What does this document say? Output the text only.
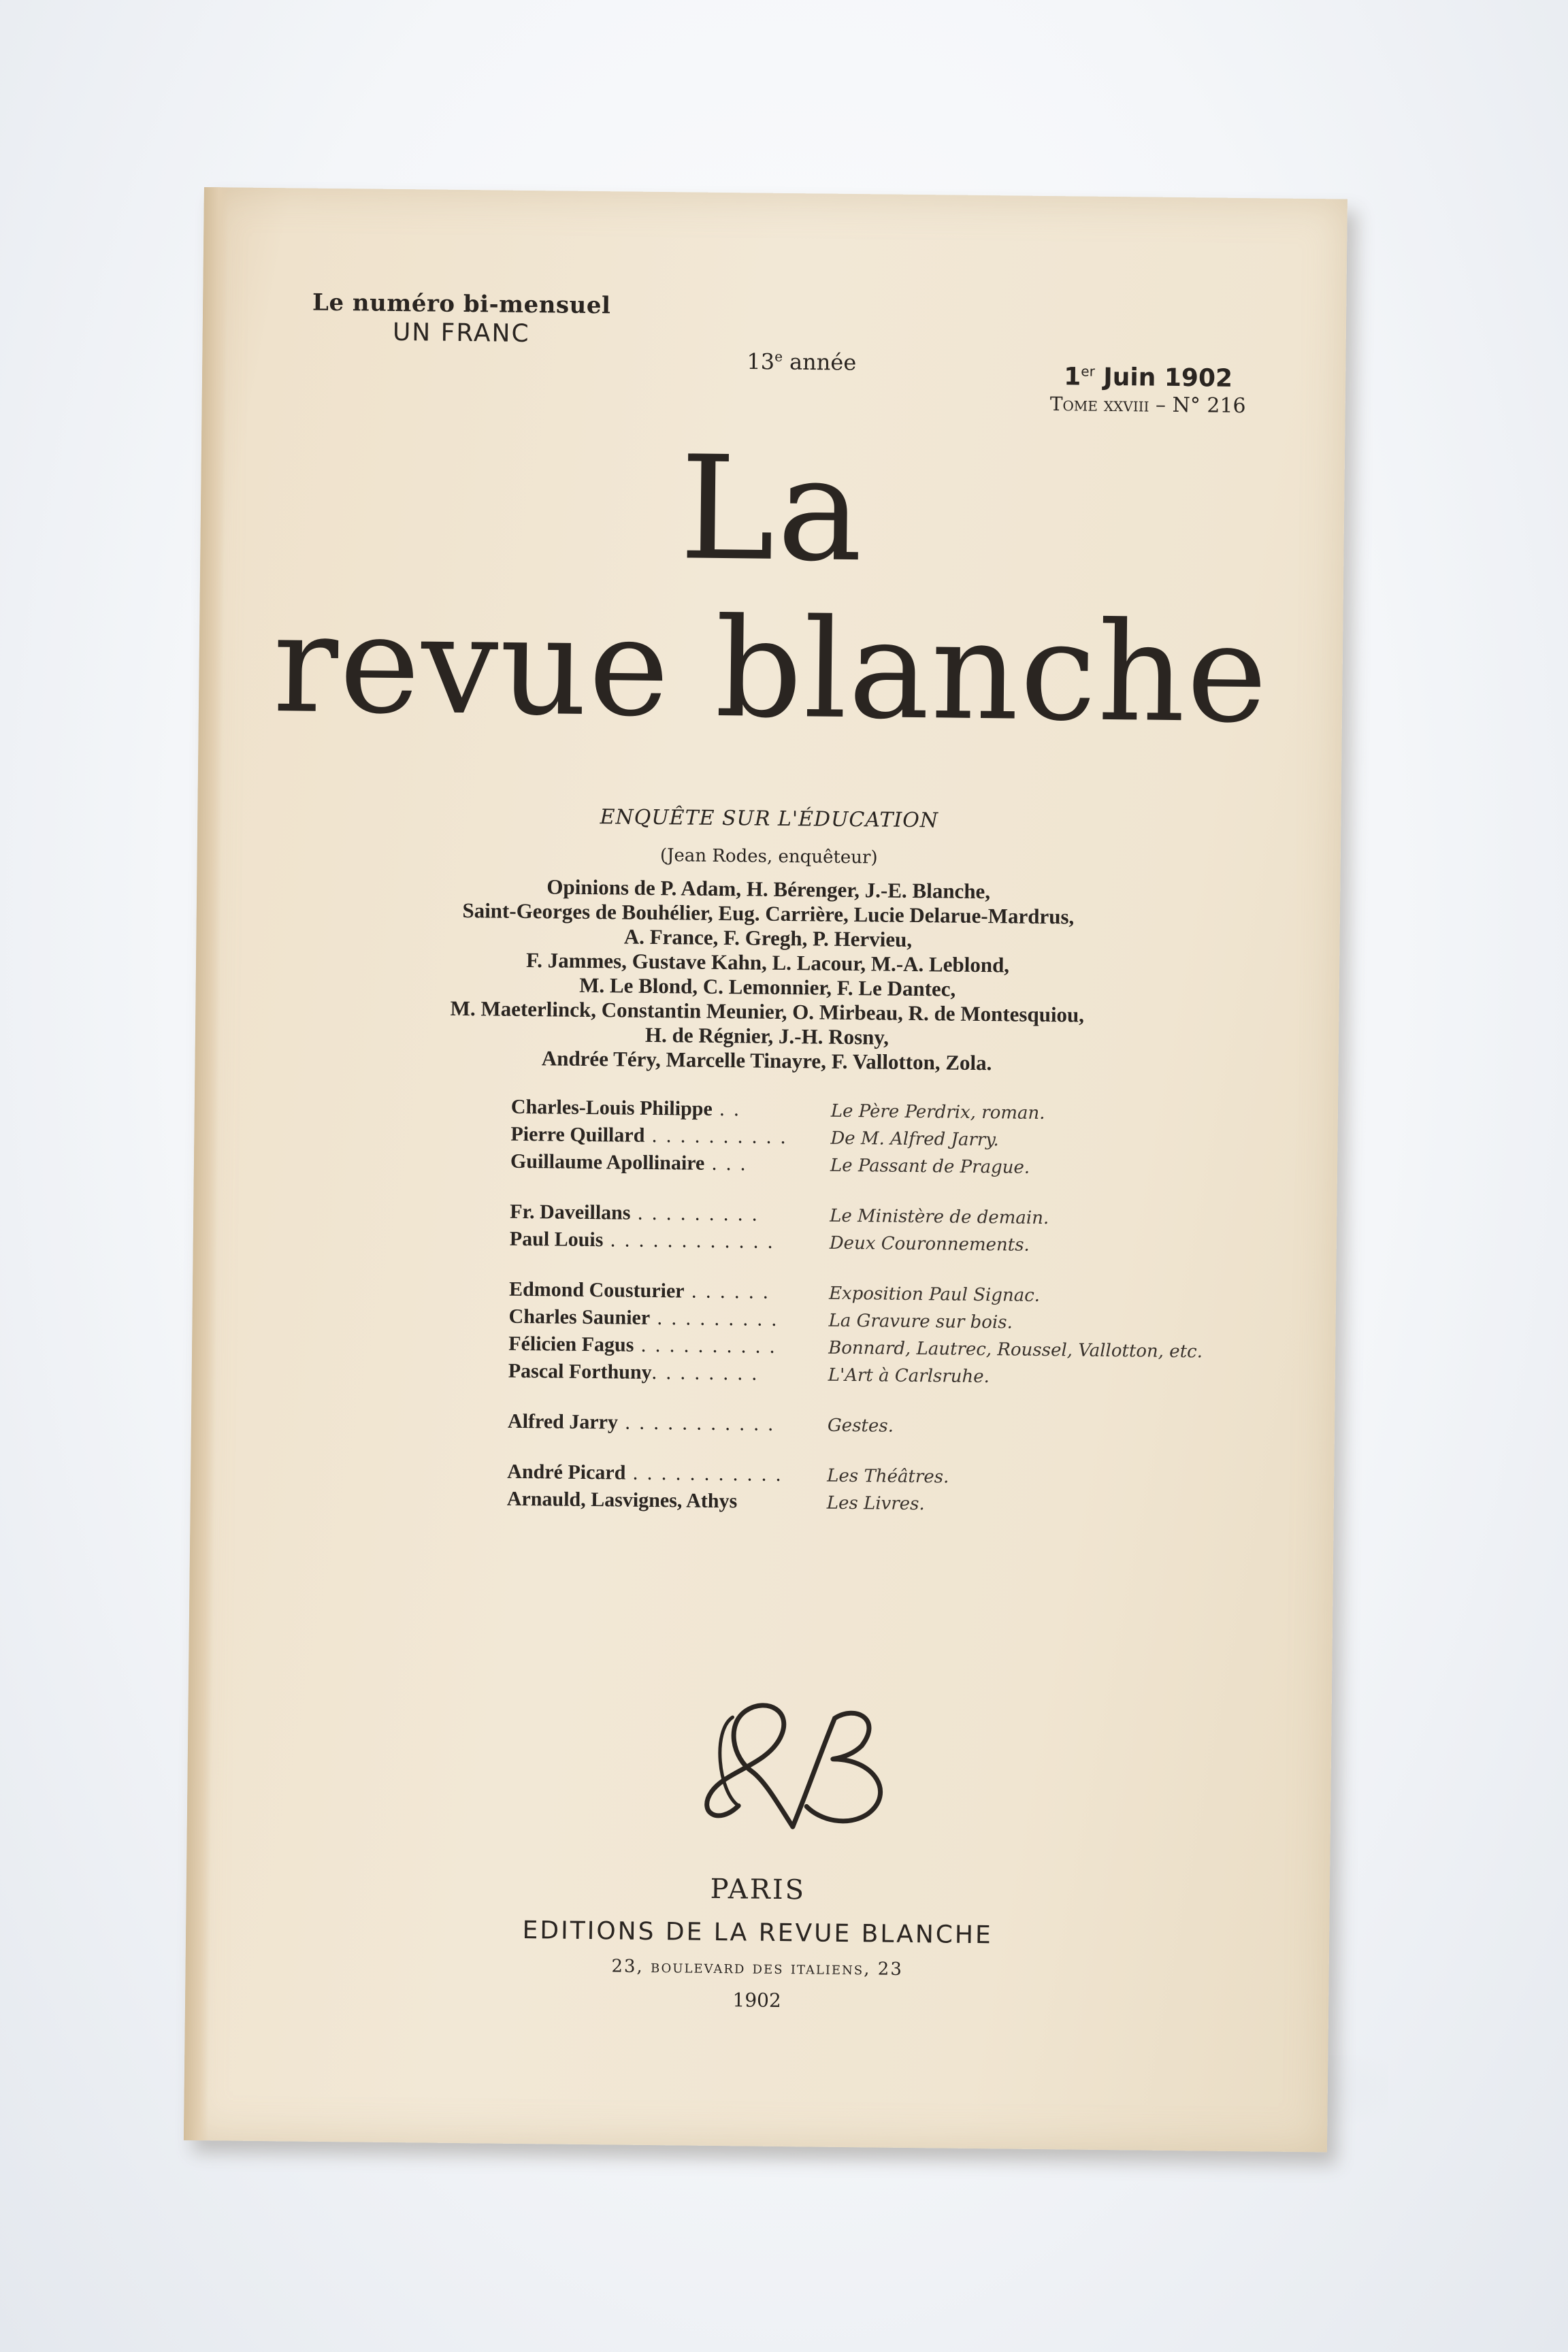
Le numéro bi-mensuel
UN FRANC
13e année
1er Juin 1902
Tome xxviii – N° 216
La
revue blanche
ENQUÊTE SUR L'ÉDUCATION
(Jean Rodes, enquêteur)
Opinions de P. Adam, H. Bérenger, J.-E. Blanche,
Saint-Georges de Bouhélier, Eug. Carrière, Lucie Delarue-Mardrus,
A. France, F. Gregh, P. Hervieu,
F. Jammes, Gustave Kahn, L. Lacour, M.-A. Leblond,
M. Le Blond, C. Lemonnier, F. Le Dantec,
M. Maeterlinck, Constantin Meunier, O. Mirbeau, R. de Montesquiou,
H. de Régnier, J.-H. Rosny,
Andrée Téry, Marcelle Tinayre, F. Vallotton, Zola.
Charles-Louis Philippe . .	Le Père Perdrix, roman.
Pierre Quillard . . . . . . . . . .	De M. Alfred Jarry.
Guillaume Apollinaire . . .	Le Passant de Prague.
Fr. Daveillans . . . . . . . . .	Le Ministère de demain.
Paul Louis . . . . . . . . . . . .	Deux Couronnements.
Edmond Cousturier . . . . . .	Exposition Paul Signac.
Charles Saunier . . . . . . . . .	La Gravure sur bois.
Félicien Fagus . . . . . . . . . .	Bonnard, Lautrec, Roussel, Vallotton, etc.
Pascal Forthuny. . . . . . . .	L'Art à Carlsruhe.
Alfred Jarry . . . . . . . . . . .	Gestes.
André Picard . . . . . . . . . . .	Les Théâtres.
Arnauld, Lasvignes, Athys	Les Livres.
PARIS
EDITIONS DE LA REVUE BLANCHE
23, boulevard des italiens, 23
1902
